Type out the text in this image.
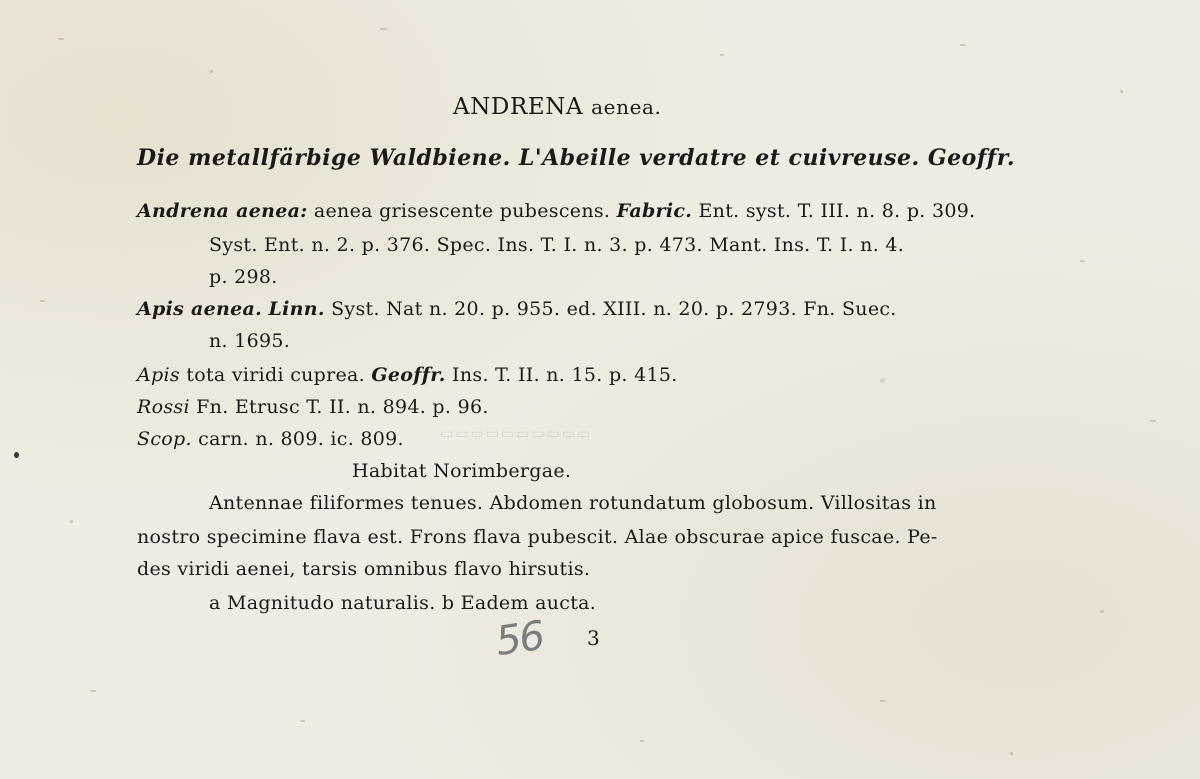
▭▭▭▭▭▭▭▭▭▭
ANDRENA aenea.
Die metallfärbige Waldbiene. L'Abeille verdatre et cuivreuse. Geoffr.
Andrena aenea: aenea grisescente pubescens. Fabric. Ent. syst. T. III. n. 8. p. 309.
Syst. Ent. n. 2. p. 376. Spec. Ins. T. I. n. 3. p. 473. Mant. Ins. T. I. n. 4.
p. 298.
Apis aenea. Linn. Syst. Nat n. 20. p. 955. ed. XIII. n. 20. p. 2793. Fn. Suec.
n. 1695.
Apis tota viridi cuprea. Geoffr. Ins. T. II. n. 15. p. 415.
Rossi Fn. Etrusc T. II. n. 894. p. 96.
Scop. carn. n. 809. ic. 809.
Habitat Norimbergae.
Antennae filiformes tenues. Abdomen rotundatum globosum. Villositas in
nostro specimine flava est. Frons flava pubescit. Alae obscurae apice fuscae. Pe-
des viridi aenei, tarsis omnibus flavo hirsutis.
a Magnitudo naturalis. b Eadem aucta.
56 3
